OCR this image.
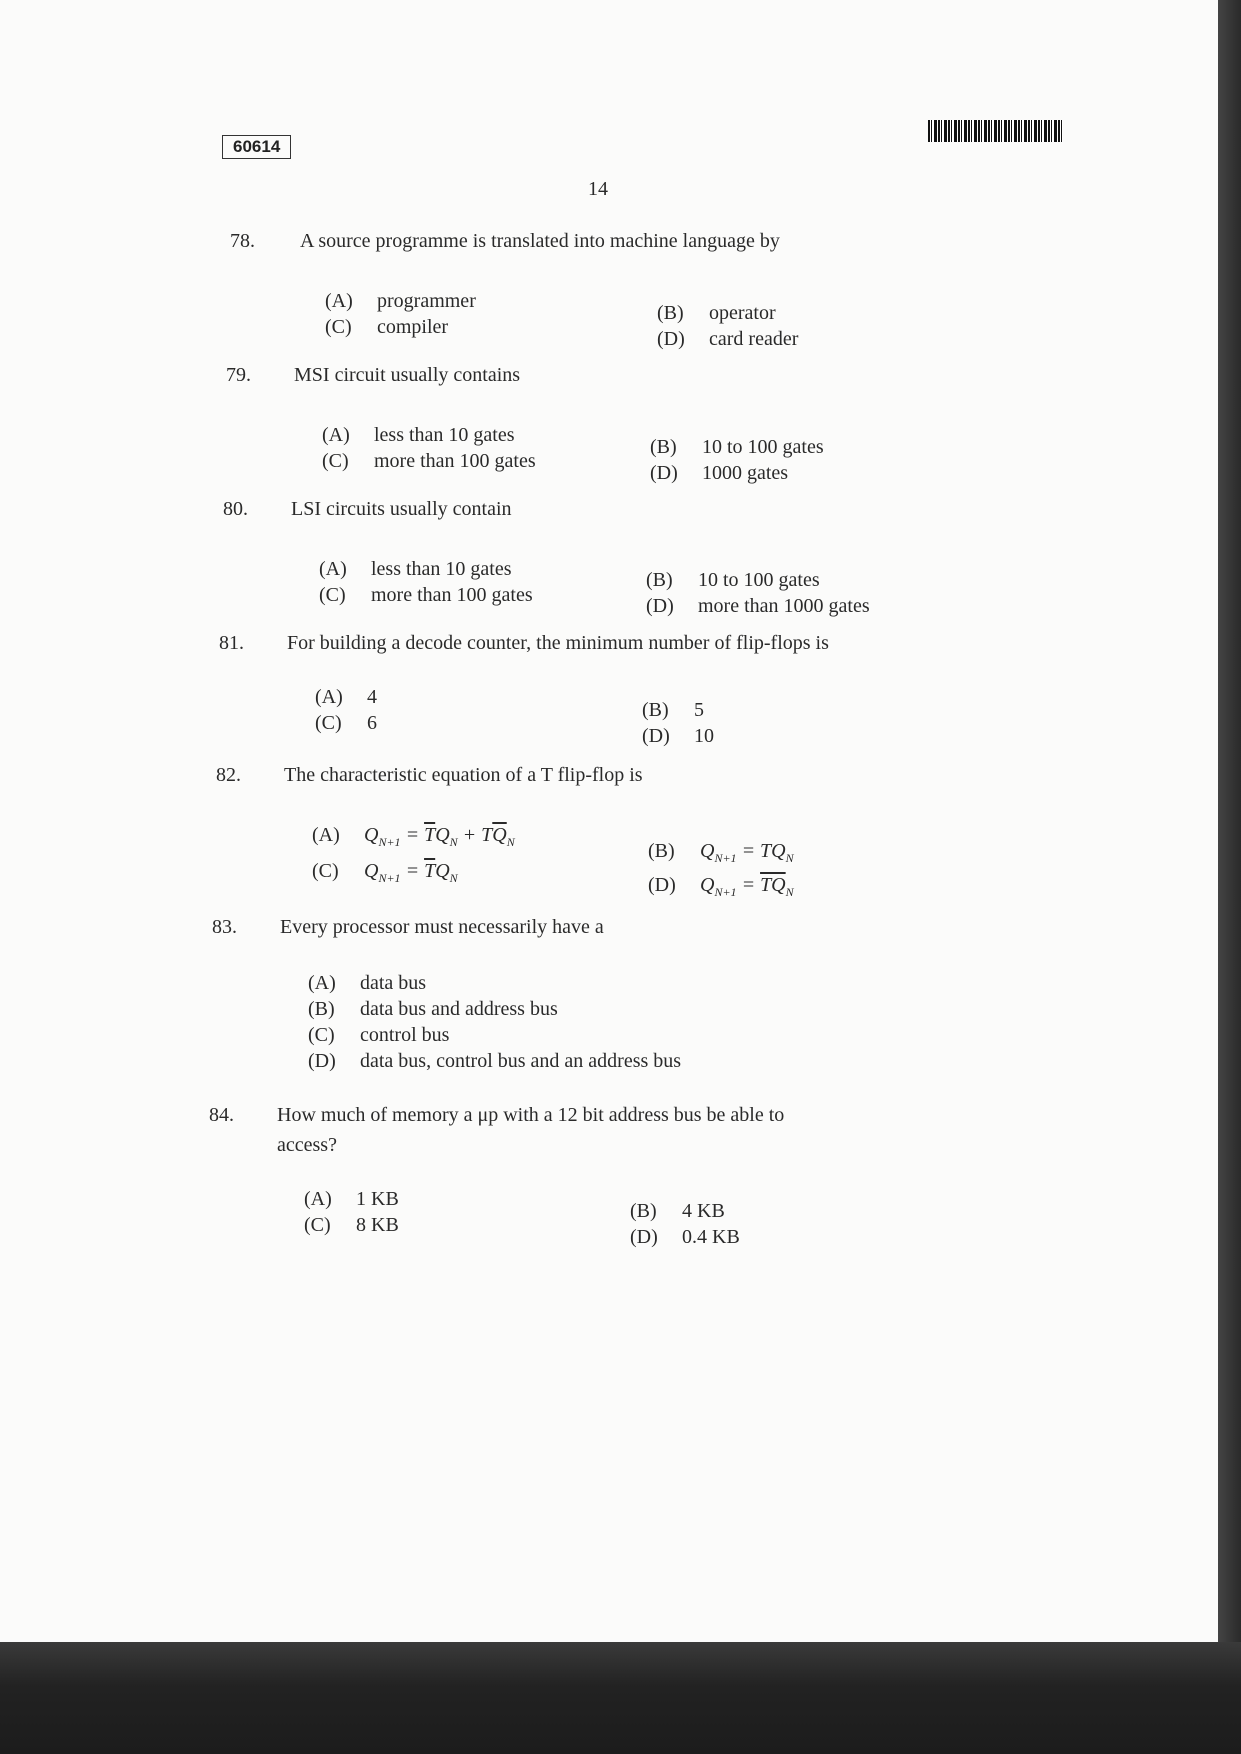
60614
14
78.	A source programme is translated into machine language by
(A) programmer
(C) compiler
(B) operator
(D) card reader
79.	MSI circuit usually contains
(A) less than 10 gates
(C) more than 100 gates
(B) 10 to 100 gates
(D) 1000 gates
80.	LSI circuits usually contain
(A) less than 10 gates
(C) more than 100 gates
(B) 10 to 100 gates
(D) more than 1000 gates
81.	For building a decode counter, the minimum number of flip-flops is
(A) 4
(C) 6
(B) 5
(D) 10
82.	The characteristic equation of a T flip-flop is
(A) $Q_{N+1} = \overline{T}Q_N + T\overline{Q}_N$
(C) $Q_{N+1} = \overline{T}Q_N$
(B) $Q_{N+1} = TQ_N$
(D) $Q_{N+1} = \overline{TQ}_N$
83.	Every processor must necessarily have a
(A) data bus
(B) data bus and address bus
(C) control bus
(D) data bus, control bus and an address bus
84.	How much of memory a μp with a 12 bit address bus be able to
access?
(A) 1 KB
(C) 8 KB
(B) 4 KB
(D) 0.4 KB
